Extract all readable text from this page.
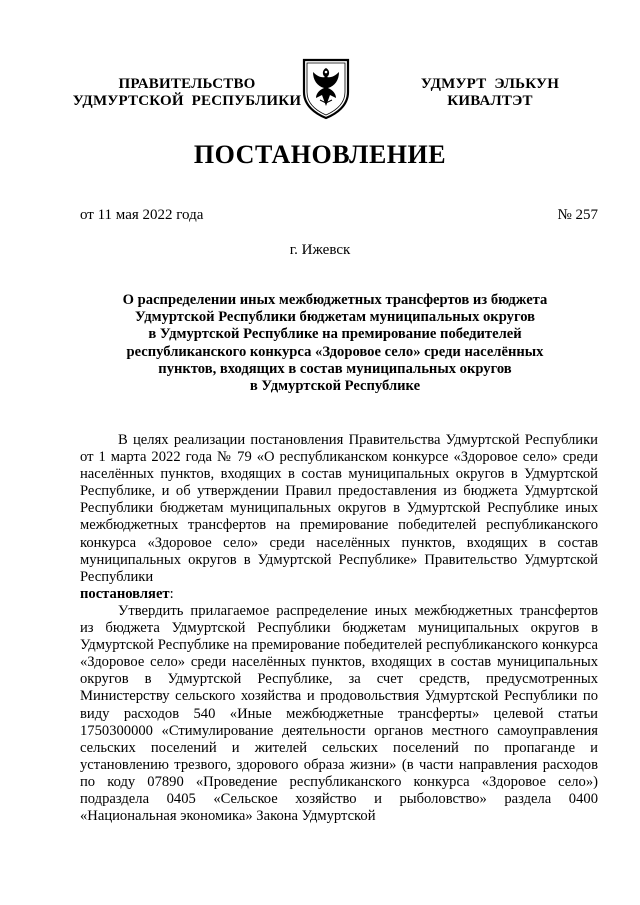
ПРАВИТЕЛЬСТВО
УДМУРТСКОЙ  РЕСПУБЛИКИ
УДМУРТ  ЭЛЬКУН
КИВАЛТЭТ
ПОСТАНОВЛЕНИЕ
от 11 мая 2022 года	№ 257
г. Ижевск
О распределении иных межбюджетных трансфертов из бюджета
Удмуртской Республики бюджетам муниципальных округов
в Удмуртской Республике на премирование победителей
республиканского конкурса «Здоровое село» среди населённых
пунктов, входящих в состав муниципальных округов
в Удмуртской Республике

В целях реализации постановления Правительства Удмуртской Республики от 1 марта 2022 года № 79 «О республиканском конкурсе «Здоровое село» среди населённых пунктов, входящих в состав муниципальных округов в Удмуртской Республике, и об утверждении Правил предоставления из бюджета Удмуртской Республики бюджетам муниципальных округов в Удмуртской Республике иных межбюджетных трансфертов на премирование победителей республиканского конкурса «Здоровое село» среди населённых пунктов, входящих в состав муниципальных округов в Удмуртской Республике» Правительство Удмуртской Республики

постановляет:

Утвердить прилагаемое распределение иных межбюджетных трансфертов из бюджета Удмуртской Республики бюджетам муниципальных округов в Удмуртской Республике на премирование победителей республиканского конкурса «Здоровое село» среди населённых пунктов, входящих в состав муниципальных округов в Удмуртской Республике, за счет средств, предусмотренных Министерству сельского хозяйства и продовольствия Удмуртской Республики по виду расходов 540 «Иные межбюджетные трансферты» целевой статьи 1750300000 «Стимулирование деятельности органов местного самоуправления сельских поселений и жителей сельских поселений по пропаганде и установлению трезвого, здорового образа жизни» (в части направления расходов по коду 07890 «Проведение республиканского конкурса «Здоровое село») подраздела 0405 «Сельское хозяйство и рыболовство» раздела 0400 «Национальная экономика» Закона Удмуртской
